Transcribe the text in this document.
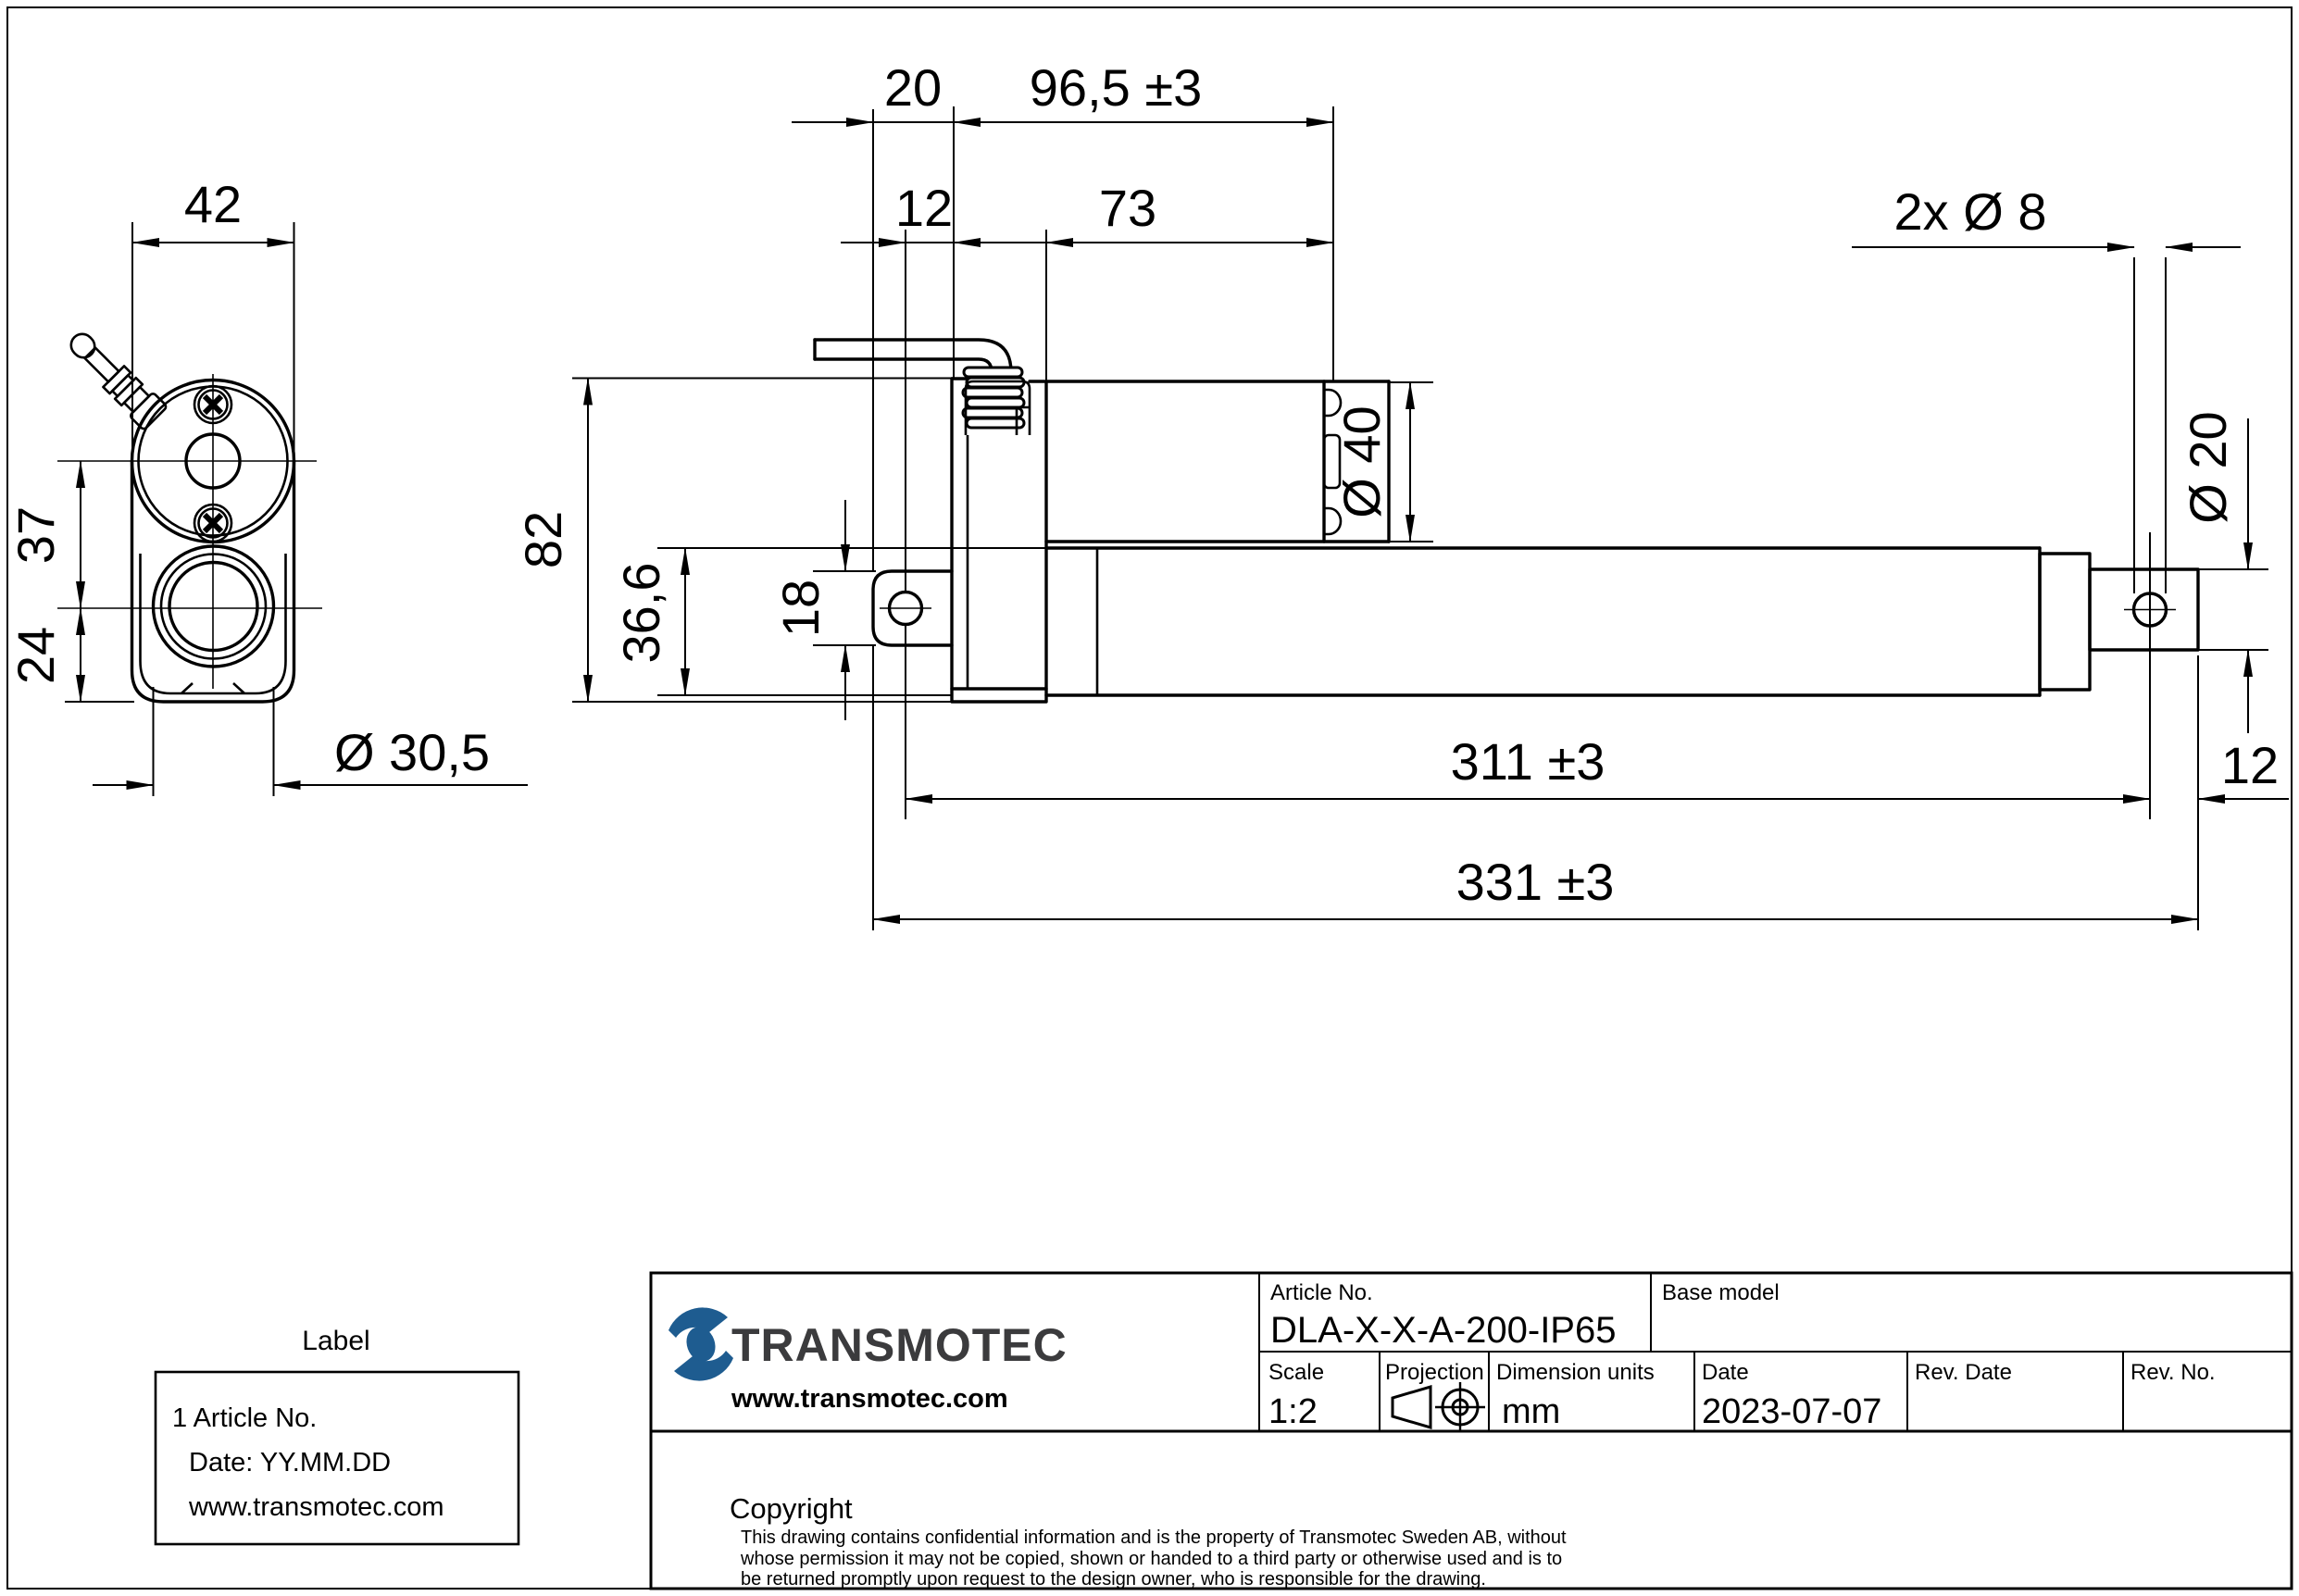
42
37
24
Ø 30,5
20 96,5 ±3
12	73
82
36,6 18
Ø 40
2x Ø 8
Ø 20
12
311 ±3
331 ±3
Label
1 Article No.
Date: YY.MM.DD
www.transmotec.com
TRANSMOTEC
www.transmotec.com
Article No.
DLA-X-X-A-200-IP65
Base model
Scale
1:2
Projection Dimension units
mm
Date
2023-07-07
Rev. Date	Rev. No.
Copyright
This drawing contains confidential information and is the property of Transmotec Sweden AB, without
whose permission it may not be copied, shown or handed to a third party or otherwise used and is to
be returned promptly upon request to the design owner, who is responsible for the drawing.
